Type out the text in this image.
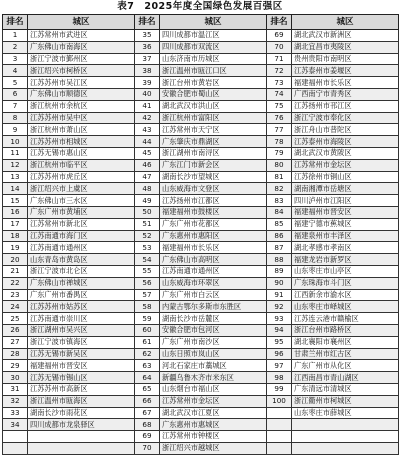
表7　2025年度全国绿色发展百强区
排名	城区	排名	城区	排名	城区
1	江苏常州市武进区	35	四川成都市温江区	69	湖北武汉市新洲区
2	广东佛山市南海区	36	四川成都市双流区	70	湖北宜昌市夷陵区
3	浙江宁波市鄞州区	37	山东济南市历城区	71	贵州贵阳市南明区
4	浙江绍兴市柯桥区	38	浙江温州市瓯江口区	72	江苏泰州市姜堰区
5	江苏苏州市吴江区	39	浙江台州市黄岩区	73	福建福州市长乐区
6	广东佛山市顺德区	40	安徽合肥市蜀山区	74	广西南宁市青秀区
7	浙江杭州市余杭区	41	湖北武汉市洪山区	75	江苏扬州市邗江区
8	江苏苏州市吴中区	42	浙江杭州市富阳区	76	浙江宁波市奉化区
9	浙江杭州市萧山区	43	江苏常州市天宁区	77	浙江舟山市普陀区
10	江苏苏州市相城区	44	广东肇庆市鼎湖区	78	江苏泰州市海陵区
11	江苏无锡市惠山区	45	浙江湖州市南浔区	79	湖北武汉市黄陂区
12	浙江杭州市临平区	46	广东江门市新会区	80	江苏常州市金坛区
13	江苏苏州市虎丘区	47	湖南长沙市望城区	81	江苏徐州市铜山区
14	浙江绍兴市上虞区	48	山东威海市文登区	82	湖南湘潭市岳塘区
15	广东佛山市三水区	49	江苏扬州市江都区	83	四川泸州市江阳区
16	广东广州市黄埔区	50	福建福州市鼓楼区	84	福建福州市晋安区
17	江苏常州市新北区	51	广东广州市花都区	85	福建宁德市蕉城区
18	江苏南通市海门区	52	广东惠州市惠阳区	86	福建泉州市丰泽区
19	江苏南通市通州区	53	福建福州市长乐区	87	湖北孝感市孝南区
20	山东青岛市黄岛区	54	广东佛山市高明区	88	福建龙岩市新罗区
21	浙江宁波市北仑区	55	江苏南通市通州区	89	山东枣庄市山亭区
22	广东佛山市禅城区	56	山东威海市环翠区	90	广东珠海市斗门区
23	广东广州市番禺区	57	广东广州市白云区	91	江西新余市渝水区
24	江苏苏州市姑苏区	58	内蒙古鄂尔多斯市东胜区	92	山东枣庄市峄城区
25	江苏南通市崇川区	59	湖南长沙市岳麓区	93	江苏连云港市赣榆区
26	浙江湖州市吴兴区	60	安徽合肥市包河区	94	浙江台州市路桥区
27	浙江宁波市镇海区	61	广东广州市南沙区	95	湖北襄阳市襄州区
28	江苏无锡市新吴区	62	山东日照市岚山区	96	甘肃兰州市红古区
29	福建福州市晋安区	63	河北石家庄市藁城区	97	广东广州市从化区
30	江苏无锡市锡山区	64	新疆乌鲁木齐市米东区	98	江西南昌市青山湖区
31	江苏苏州市高新区	65	山东烟台市福山区	99	广东清远市清城区
32	浙江温州市瓯海区	66	江苏常州市金坛区	100	浙江衢州市柯城区
33	湖南长沙市雨花区	67	湖北武汉市江夏区		山东枣庄市薛城区
34	四川成都市龙泉驿区	68	广东惠州市惠城区		
		69	江苏常州市钟楼区		
		70	浙江绍兴市越城区		
